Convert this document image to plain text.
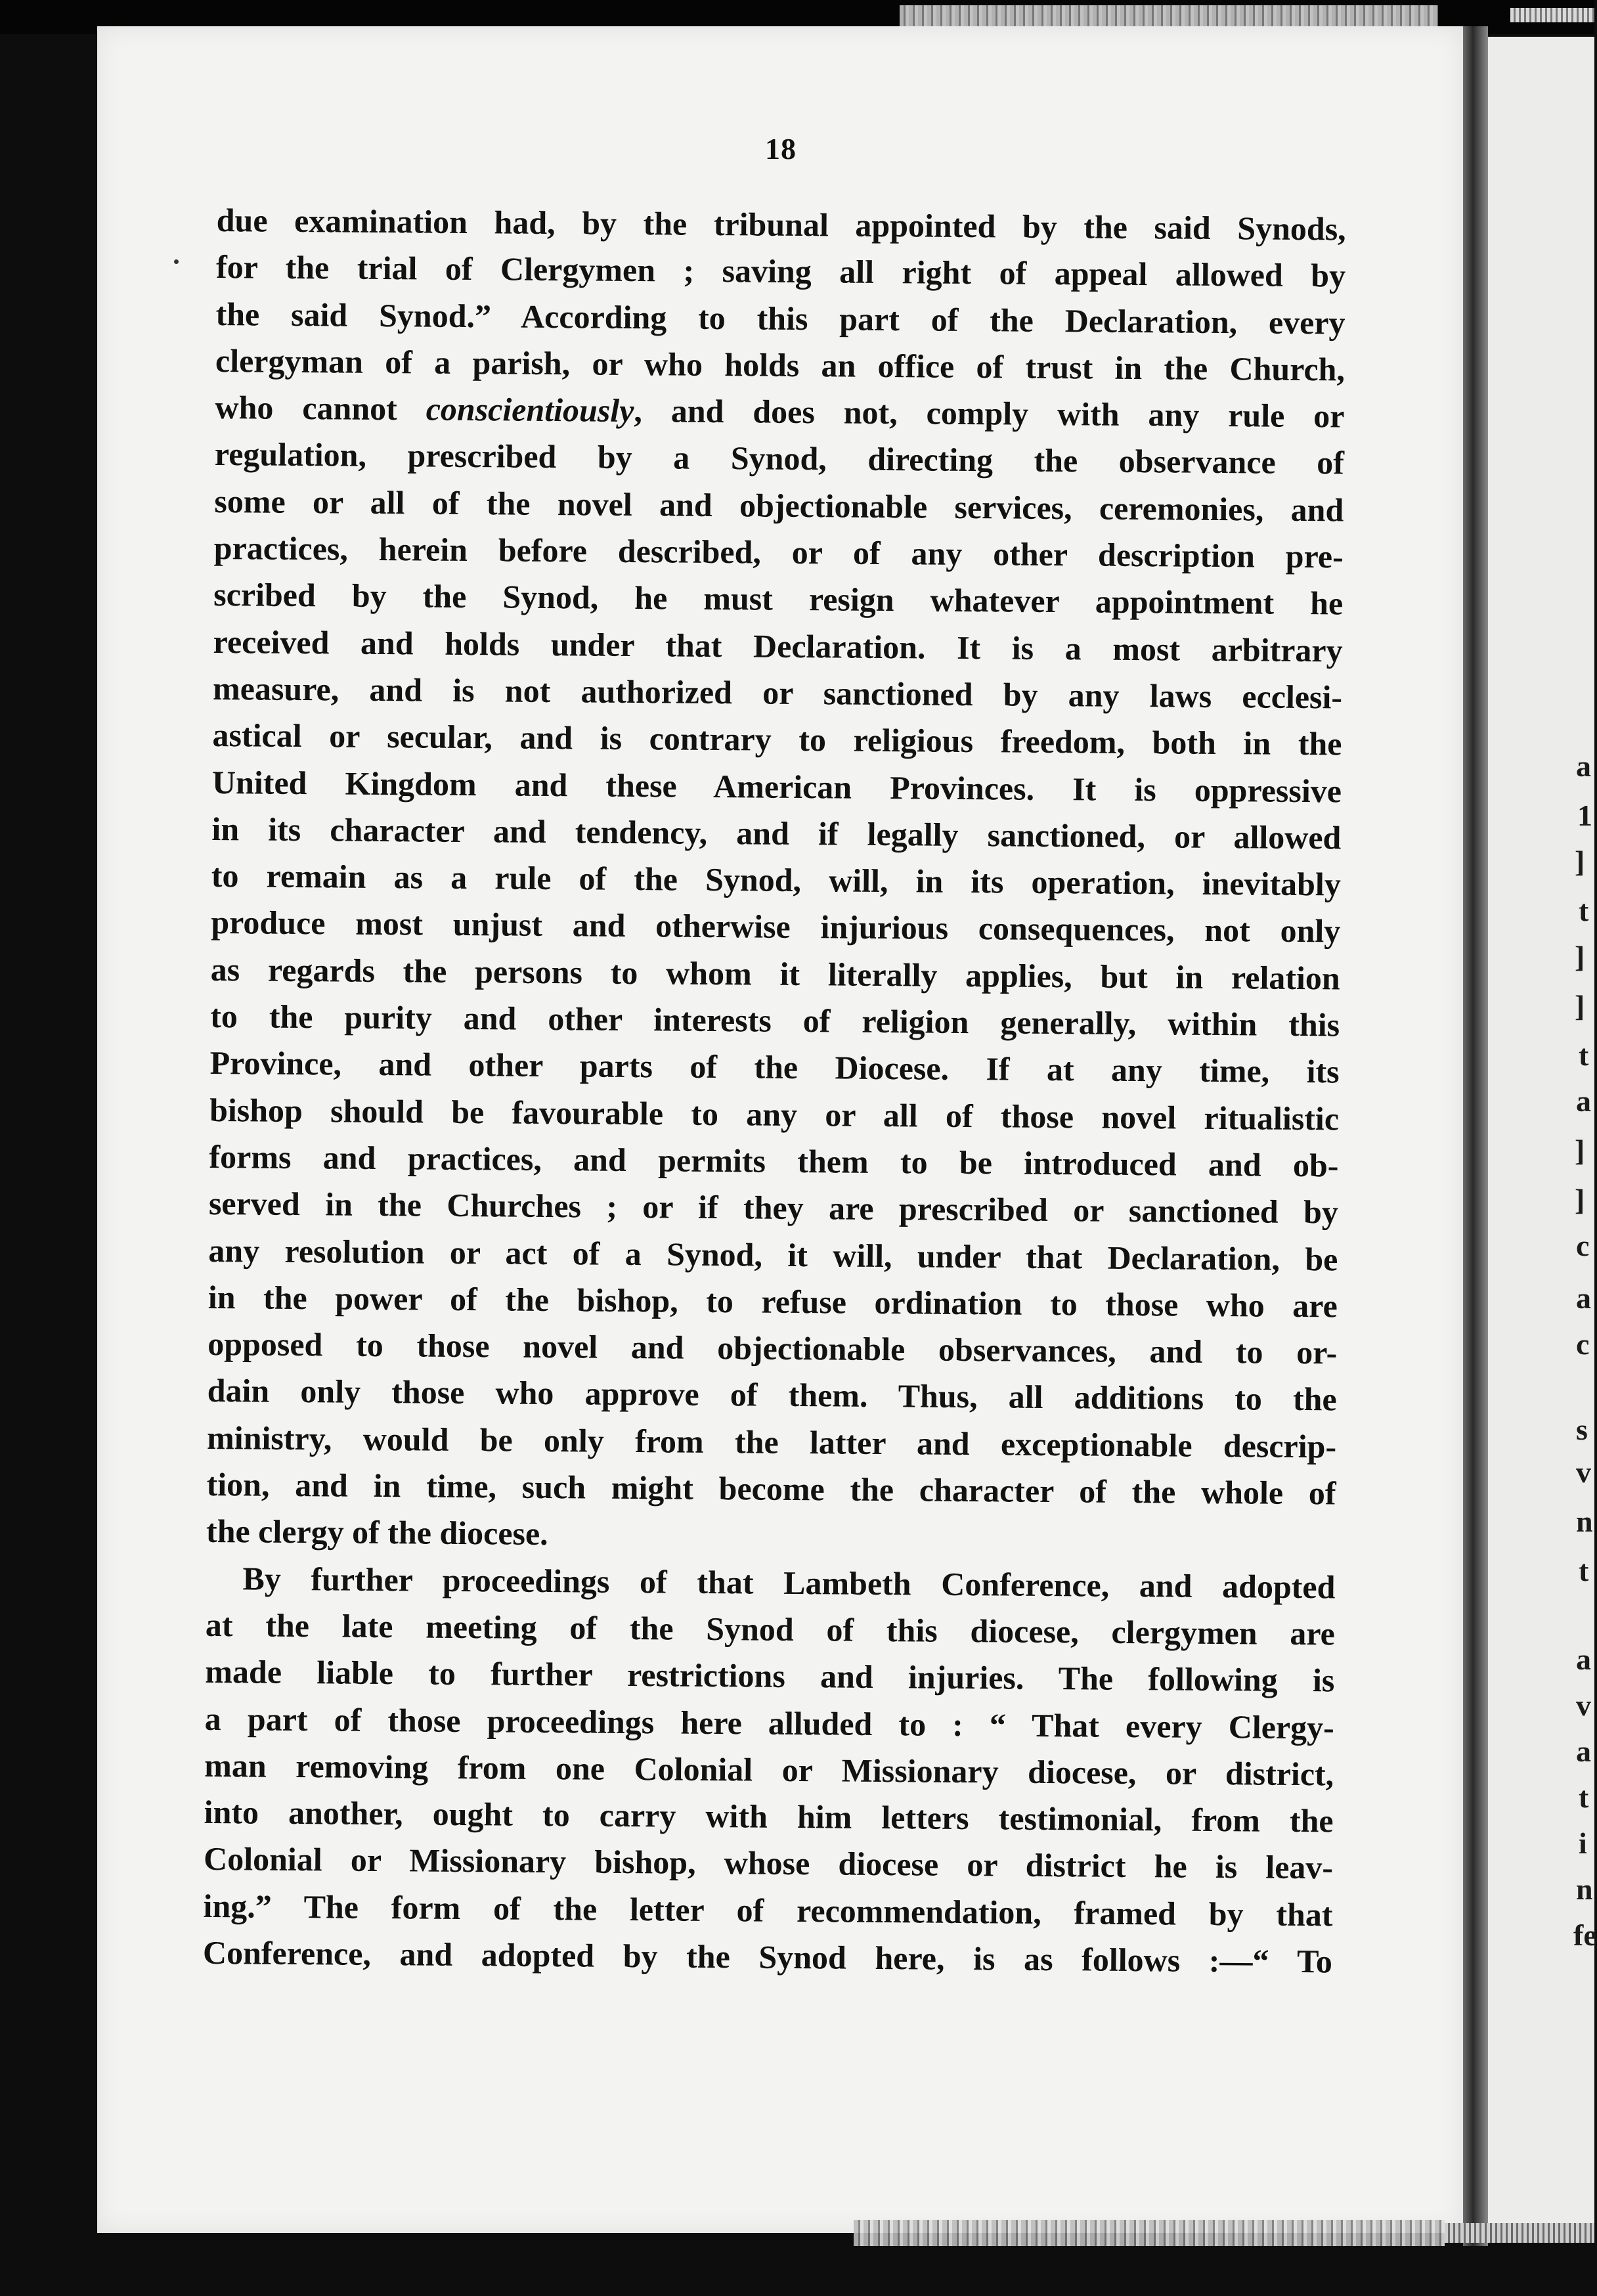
18
due examination had, by the tribunal appointed by the said Synods,
for the trial of Clergymen ; saving all right of appeal allowed by
the said Synod.” According to this part of the Declaration, every
clergyman of a parish, or who holds an office of trust in the Church,
who cannot conscientiously, and does not, comply with any rule or
regulation, prescribed by a Synod, directing the observance of
some or all of the novel and objectionable services, ceremonies, and
practices, herein before described, or of any other description pre-
scribed by the Synod, he must resign whatever appointment he
received and holds under that Declaration. It is a most arbitrary
measure, and is not authorized or sanctioned by any laws ecclesi-
astical or secular, and is contrary to religious freedom, both in the
United Kingdom and these American Provinces. It is oppressive
in its character and tendency, and if legally sanctioned, or allowed
to remain as a rule of the Synod, will, in its operation, inevitably
produce most unjust and otherwise injurious consequences, not only
as regards the persons to whom it literally applies, but in relation
to the purity and other interests of religion generally, within this
Province, and other parts of the Diocese. If at any time, its
bishop should be favourable to any or all of those novel ritualistic
forms and practices, and permits them to be introduced and ob-
served in the Churches ; or if they are prescribed or sanctioned by
any resolution or act of a Synod, it will, under that Declaration, be
in the power of the bishop, to refuse ordination to those who are
opposed to those novel and objectionable observances, and to or-
dain only those who approve of them. Thus, all additions to the
ministry, would be only from the latter and exceptionable descrip-
tion, and in time, such might become the character of the whole of
the clergy of the diocese.
By further proceedings of that Lambeth Conference, and adopted
at the late meeting of the Synod of this diocese, clergymen are
made liable to further restrictions and injuries. The following is
a part of those proceedings here alluded to : “ That every Clergy-
man removing from one Colonial or Missionary diocese, or district,
into another, ought to carry with him letters testimonial, from the
Colonial or Missionary bishop, whose diocese or district he is leav-
ing.” The form of the letter of recommendation, framed by that
Conference, and adopted by the Synod here, is as follows :—“ To
a
1
]
t
]
]
t
a
]
]
c
a
c
s
v
n
t
a
v
a
t
i
n
fe
